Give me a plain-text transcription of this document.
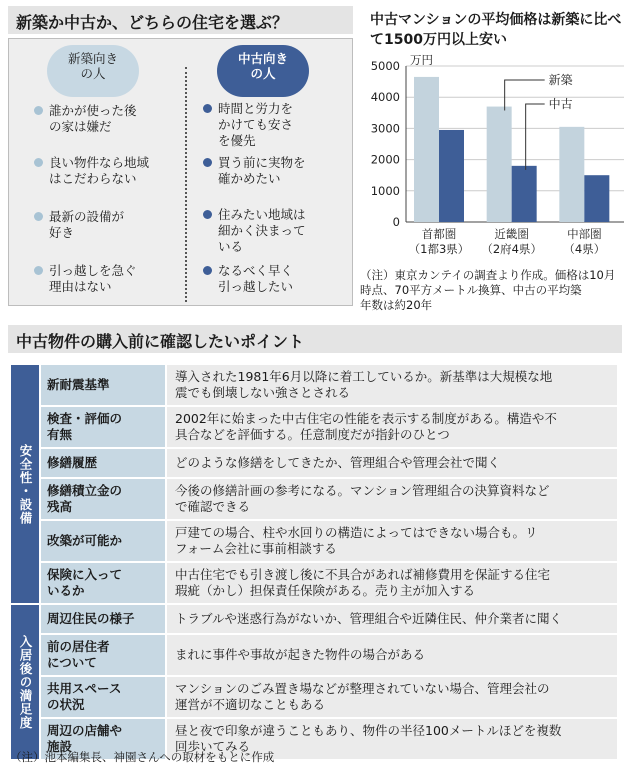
新築か中古か、どちらの住宅を選ぶ？
新築向き
の人
中古向き
の人
誰かが使った後
の家は嫌だ
良い物件なら地域
はこだわらない
最新の設備が
好き
引っ越しを急ぐ
理由はない
時間と労力を
かけても安さ
を優先
買う前に実物を
確かめたい
住みたい地域は
細かく決まって
いる
なるべく早く
引っ越したい
中古マンションの平均価格は新築に比べて1500万円以上安い
5000
4000
3000
2000
1000
0
万円
首都圏
（1都3県）
近畿圏
（2府4県）
中部圏
（4県）
新築
中古
（注）東京カンテイの調査より作成。価格は10月
時点、70平方メートル換算、中古の平均築
年数は約20年
中古物件の購入前に確認したいポイント
安全性・設備	新耐震基準	導入された1981年6月以降に着工しているか。新基準は大規模な地
震でも倒壊しない強さとされる
	検査・評価の
有無	2002年に始まった中古住宅の性能を表示する制度がある。構造や不
具合などを評価する。任意制度だが指針のひとつ
	修繕履歴	どのような修繕をしてきたか、管理組合や管理会社で聞く
	修繕積立金の
残高	今後の修繕計画の参考になる。マンション管理組合の決算資料など
で確認できる
	改築が可能か	戸建ての場合、柱や水回りの構造によってはできない場合も。リ
フォーム会社に事前相談する
	保険に入って
いるか	中古住宅でも引き渡し後に不具合があれば補修費用を保証する住宅
瑕疵（かし）担保責任保険がある。売り主が加入する
入居後の満足度	周辺住民の様子	トラブルや迷惑行為がないか、管理組合や近隣住民、仲介業者に聞く
	前の居住者
について	まれに事件や事故が起きた物件の場合がある
	共用スペース
の状況	マンションのごみ置き場などが整理されていない場合、管理会社の
運営が不適切なこともある
	周辺の店舗や
施設	昼と夜で印象が違うこともあり、物件の半径100メートルほどを複数
回歩いてみる
（注）池本編集長、神園さんへの取材をもとに作成
